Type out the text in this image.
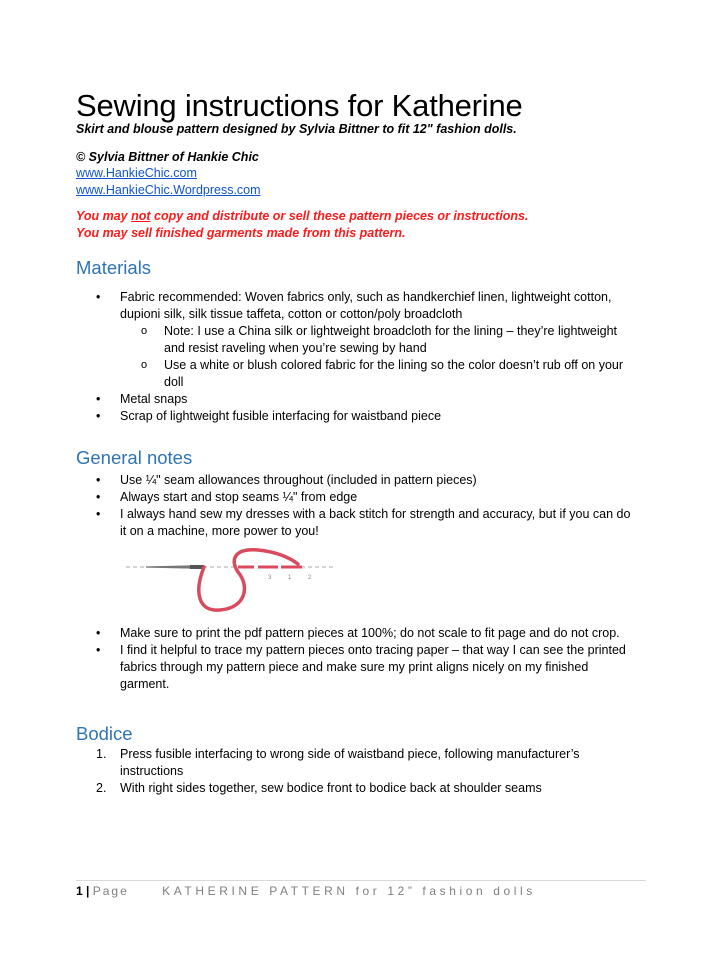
Sewing instructions for Katherine
Skirt and blouse pattern designed by Sylvia Bittner to fit 12" fashion dolls.
© Sylvia Bittner of Hankie Chic
www.HankieChic.com
www.HankieChic.Wordpress.com
You may not copy and distribute or sell these pattern pieces or instructions.
You may sell finished garments made from this pattern.
Materials
• Fabric recommended: Woven fabrics only, such as handkerchief linen, lightweight cotton, dupioni silk, silk tissue taffeta, cotton or cotton/poly broadcloth
o Note: I use a China silk or lightweight broadcloth for the lining – they’re lightweight and resist raveling when you’re sewing by hand
o Use a white or blush colored fabric for the lining so the color doesn’t rub off on your doll
• Metal snaps
• Scrap of lightweight fusible interfacing for waistband piece
General notes
• Use ¼" seam allowances throughout (included in pattern pieces)
• Always start and stop seams ¼" from edge
• I always hand sew my dresses with a back stitch for strength and accuracy, but if you can do it on a machine, more power to you!
3	1	2
• Make sure to print the pdf pattern pieces at 100%; do not scale to fit page and do not crop.
• I find it helpful to trace my pattern pieces onto tracing paper – that way I can see the printed fabrics through my pattern piece and make sure my print aligns nicely on my finished garment.
Bodice
1. Press fusible interfacing to wrong side of waistband piece, following manufacturer’s instructions
2. With right sides together, sew bodice front to bodice back at shoulder seams
1 | Page	KATHERINE PATTERN for 12” fashion dolls
